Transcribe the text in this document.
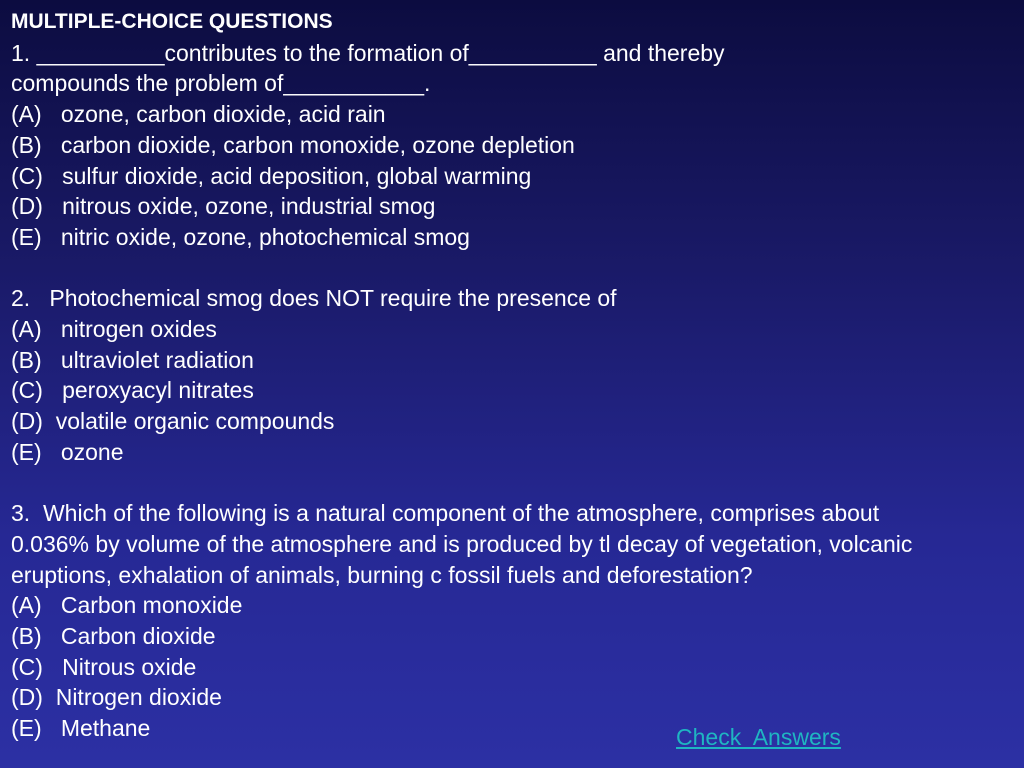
MULTIPLE-CHOICE QUESTIONS
1. __________contributes to the formation of__________ and thereby
compounds the problem of___________.
(A)   ozone, carbon dioxide, acid rain
(B)   carbon dioxide, carbon monoxide, ozone depletion
(C)   sulfur dioxide, acid deposition, global warming
(D)   nitrous oxide, ozone, industrial smog
(E)   nitric oxide, ozone, photochemical smog
2.   Photochemical smog does NOT require the presence of
(A)   nitrogen oxides
(B)   ultraviolet radiation
(C)   peroxyacyl nitrates
(D)  volatile organic compounds
(E)   ozone
3.  Which of the following is a natural component of the atmosphere, comprises about
0.036% by volume of the atmosphere and is produced by tl decay of vegetation, volcanic
eruptions, exhalation of animals, burning c fossil fuels and deforestation?
(A)   Carbon monoxide
(B)   Carbon dioxide
(C)   Nitrous oxide
(D)  Nitrogen dioxide
(E)   Methane	Check  Answers
